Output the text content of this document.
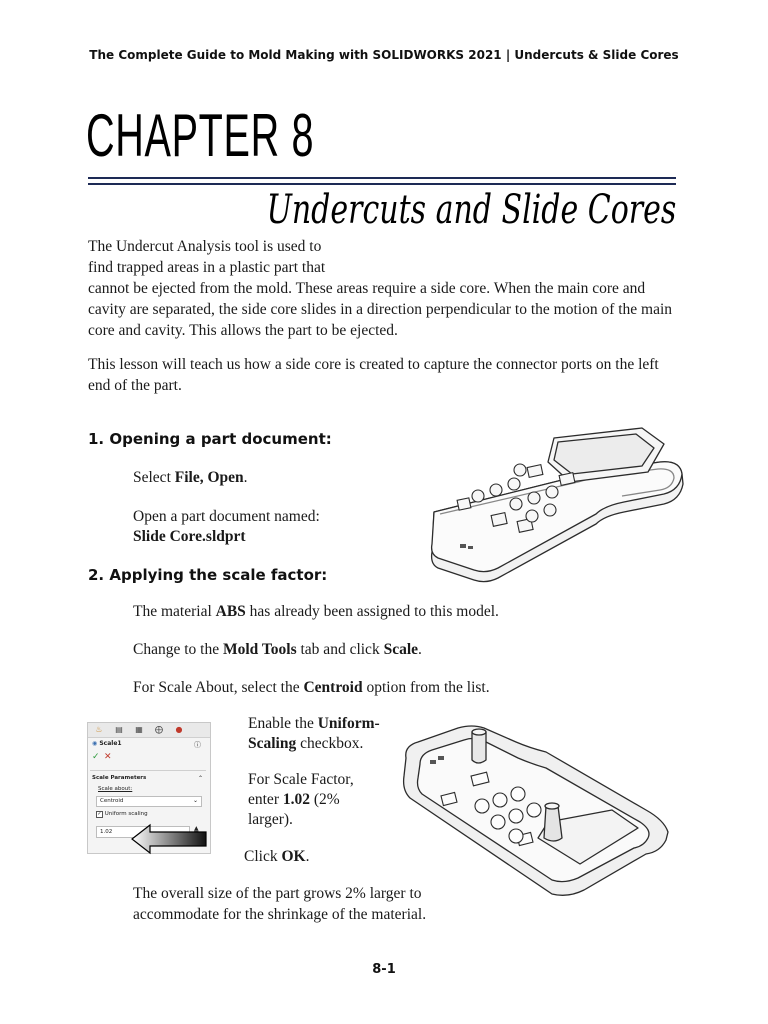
The Complete Guide to Mold Making with SOLIDWORKS 2021 | Undercuts & Slide Cores
CHAPTER 8
Undercuts and Slide Cores
The Undercut Analysis tool is used to
find trapped areas in a plastic part that
cannot be ejected from the mold. These areas require a side core. When the main core and cavity are separated, the side core slides in a direction perpendicular to the motion of the main core and cavity. This allows the part to be ejected.
This lesson will teach us how a side core is created to capture the connector ports on the left end of the part.
1. Opening a part document:
Select File, Open.
Open a part document named:
Slide Core.sldprt
2. Applying the scale factor:
The material ABS has already been assigned to this model.
Change to the Mold Tools tab and click Scale.
For Scale About, select the Centroid option from the list.
♨	▤	▦	⨁	●
◉ Scale1	ⓘ
✓ ✕
Scale Parameters	⌃
Scale about:
Centroid	⌄
✓ Uniform scaling
1.02	▲

Enable the Uniform-
Scaling checkbox.
For Scale Factor,
enter 1.02 (2%
larger).
Click OK.
The overall size of the part grows 2% larger to accommodate for the shrinkage of the material.
8-1
